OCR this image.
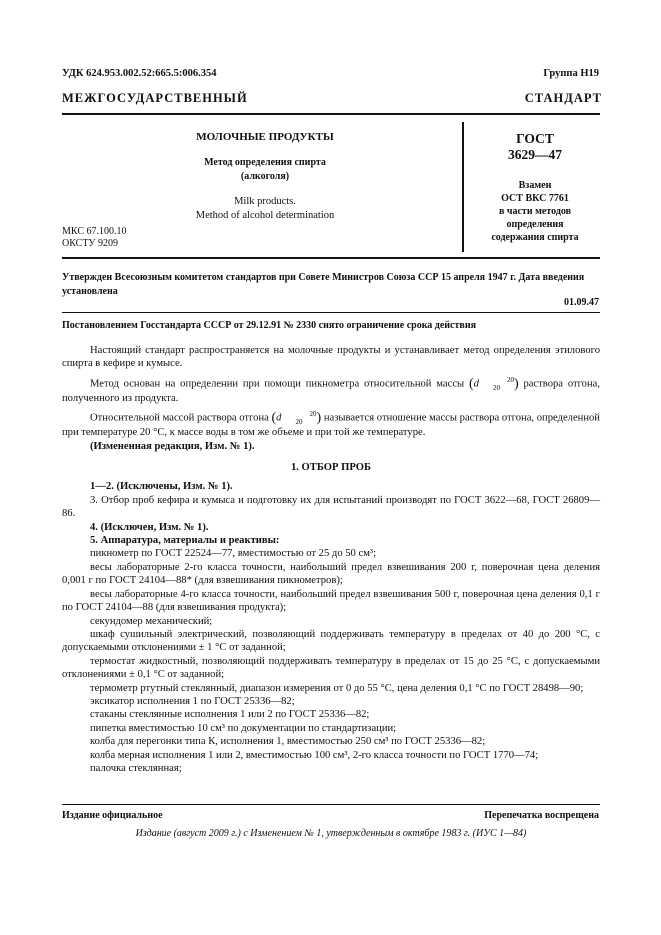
УДК 624.953.002.52:665.5:006.354	Группа Н19
МЕЖГОСУДАРСТВЕННЫЙ СТАНДАРТ
МОЛОЧНЫЕ ПРОДУКТЫ
Метод определения спирта
(алкоголя)
Milk products.
Method of alcohol determination
МКС 67.100.10
ОКСТУ 9209
ГОСТ
3629—47
Взамен
ОСТ ВКС 7761
в части методов
определения
содержания спирта
Утвержден Всесоюзным комитетом стандартов при Совете Министров Союза ССР 15 апреля 1947 г. Дата введения установлена
01.09.47
Постановлением Госстандарта СССР от 29.12.91 № 2330 снято ограничение срока действия

Настоящий стандарт распространяется на молочные продукты и устанавливает метод определения этилового спирта в кефире и кумысе.

Метод основан на определении при помощи пикнометра относительной массы (d	20
20 ) раствора отгона, полученного из продукта.

Относительной массой раствора отгона (d	20
20 ) называется отношение массы раствора отгона, определенной при температуре 20 °С, к массе воды в том же объеме и при той же температуре.

(Измененная редакция, Изм. № 1).

1. ОТБОР ПРОБ

1—2. (Исключены, Изм. № 1).

3. Отбор проб кефира и кумыса и подготовку их для испытаний производят по ГОСТ 3622—68, ГОСТ 26809—86.

4. (Исключен, Изм. № 1).

5. Аппаратура, материалы и реактивы:

пикнометр по ГОСТ 22524—77, вместимостью от 25 до 50 см³;

весы лабораторные 2-го класса точности, наибольший предел взвешивания 200 г, поверочная цена деления 0,001 г по ГОСТ 24104—88* (для взвешивания пикнометров);

весы лабораторные 4-го класса точности, наибольший предел взвешивания 500 г, поверочная цена деления 0,1 г по ГОСТ 24104—88 (для взвешивания продукта);

секундомер механический;

шкаф сушильный электрический, позволяющий поддерживать температуру в пределах от 40 до 200 °С, с допускаемыми отклонениями ± 1 °С от заданной;

термостат жидкостный, позволяющий поддерживать температуру в пределах от 15 до 25 °С, с допускаемыми отклонениями ± 0,1 °С от заданной;

термометр ртутный стеклянный, диапазон измерения от 0 до 55 °С, цена деления 0,1 °С по ГОСТ 28498—90;

эксикатор исполнения 1 по ГОСТ 25336—82;

стаканы стеклянные исполнения 1 или 2 по ГОСТ 25336—82;

пипетка вместимостью 10 см³ по документации по стандартизации;

колба для перегонки типа К, исполнения 1, вместимостью 250 см³ по ГОСТ 25336—82;

колба мерная исполнения 1 или 2, вместимостью 100 см³, 2-го класса точности по ГОСТ 1770—74;

палочка стеклянная;

Издание официальное	Перепечатка воспрещена
Издание (август 2009 г.) с Изменением № 1, утвержденным в октябре 1983 г. (ИУС 1—84)
